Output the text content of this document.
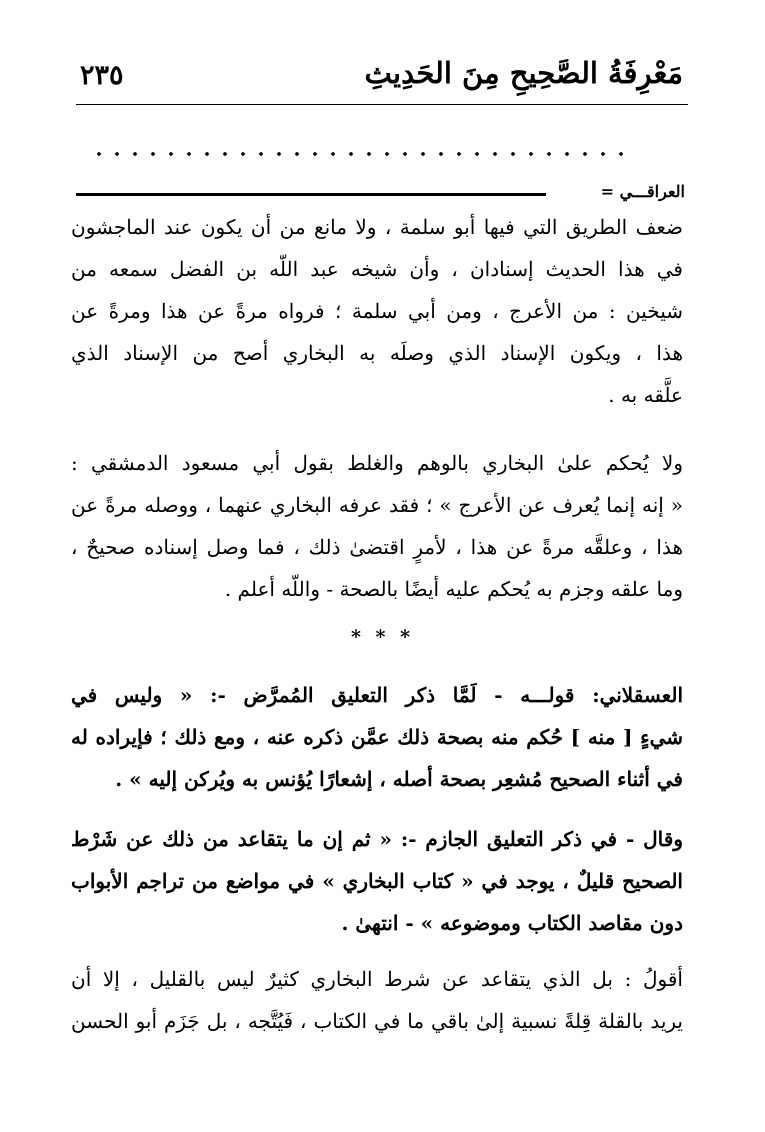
مَعْرِفَةُ الصَّحِيحِ مِنَ الحَدِيثِ
٢٣٥
العراقـــي =
ضعف الطريق التي فيها أبو سلمة ، ولا مانع من أن يكون عند الماجشون
في هذا الحديث إسنادان ، وأن شيخه عبد اللّه بن الفضل سمعه من
شيخين : من الأعرج ، ومن أبي سلمة ؛ فرواه مرةً عن هذا ومرةً عن
هذا ، ويكون الإسناد الذي وصلَه به البخاري أصح من الإسناد الذي
علَّقه به .
ولا يُحكم علىٰ البخاري بالوهم والغلط بقول أبي مسعود الدمشقي :
« إنه إنما يُعرف عن الأعرج » ؛ فقد عرفه البخاري عنهما ، ووصله مرةً عن
هذا ، وعلقَّه مرةً عن هذا ، لأمرٍ اقتضىٰ ذلك ، فما وصل إسناده صحيحٌ ،
وما علقه وجزم به يُحكم عليه أيضًا بالصحة - واللّه أعلم .
* * *
العسقلاني: قولـــه - لَمَّا ذكر التعليق المُمرَّض -: « وليس في
شيءٍ [ منه ] حُكم منه بصحة ذلك عمَّن ذكره عنه ، ومع ذلك ؛ فإيراده له
في أثناء الصحيح مُشعِر بصحة أصله ، إشعارًا يُؤنس به ويُركن إليه » .
وقال - في ذكر التعليق الجازم -: « ثم إن ما يتقاعد من ذلك عن شَرْط
الصحيح قليلٌ ، يوجد في « كتاب البخاري » في مواضع من تراجم الأبواب
دون مقاصد الكتاب وموضوعه » - انتهىٰ .
أقولُ : بل الذي يتقاعد عن شرط البخاري كثيرٌ ليس بالقليل ، إلا أن
يريد بالقلة قِلةً نسبية إلىٰ باقي ما في الكتاب ، فَيُتَّجه ، بل جَزَم أبو الحسن
